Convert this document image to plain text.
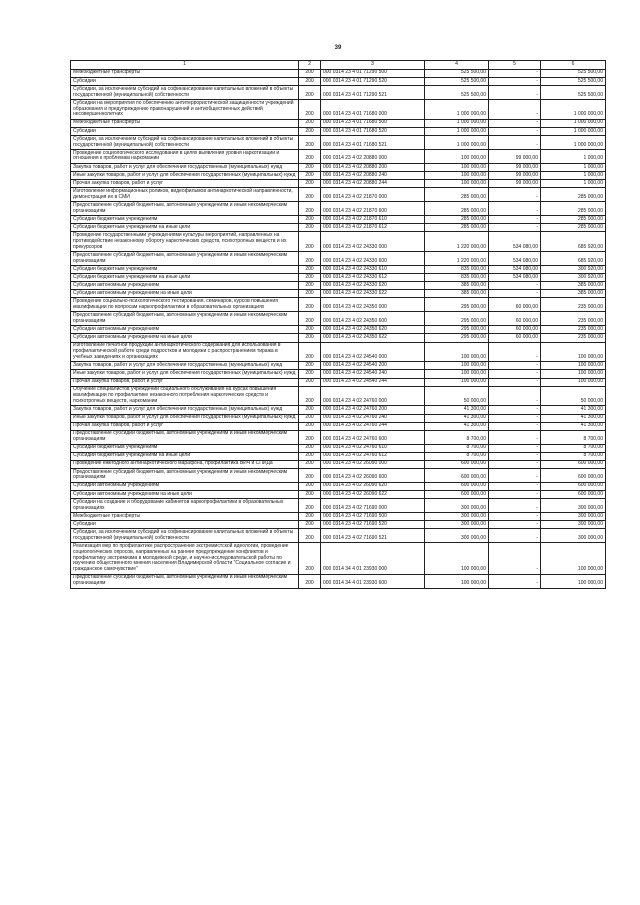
39
1	2	3	4	5	6
Межбюджетные трансферты	200	000 0314 23 4 01 71290 500	525 500,00	-	525 500,00
Субсидии	200	000 0314 23 4 01 71290 520	525 500,00	-	525 500,00
Субсидии, за исключением субсидий на софинансирование капитальных вложений в объекты государственной (муниципальной) собственности	200	000 0314 23 4 01 71290 521	525 500,00	-	525 500,00
Субсидии на мероприятия по обеспечению антитеррористической защищенности учреждений образования и предупреждению правонарушений и антиобщественных действий несовершеннолетних	200	000 0314 23 4 01 71680 000	1 000 000,00	-	1 000 000,00
Межбюджетные трансферты	200	000 0314 23 4 01 71680 500	1 000 000,00	-	1 000 000,00
Субсидии	200	000 0314 23 4 01 71680 520	1 000 000,00	-	1 000 000,00
Субсидии, за исключением субсидий на софинансирование капитальных вложений в объекты государственной (муниципальной) собственности	200	000 0314 23 4 01 71680 521	1 000 000,00	-	1 000 000,00
Проведение социологического исследования в целях выявления уровня наркотизации и отношения к проблемам наркомании	200	000 0314 23 4 02 20880 000	100 000,00	99 000,00	1 000,00
Закупка товаров, работ и услуг для обеспечения государственных (муниципальных) нужд	200	000 0314 23 4 02 20880 200	100 000,00	99 000,00	1 000,00
Иные закупки товаров, работ и услуг для обеспечения государственных (муниципальных) нужд	200	000 0314 23 4 02 20880 240	100 000,00	99 000,00	1 000,00
Прочая закупка товаров, работ и услуг	200	000 0314 23 4 02 20880 244	100 000,00	99 000,00	1 000,00
Изготовление информационных роликов, видеофильмов антинаркотической направленности, демонстрация их в СМИ	200	000 0314 23 4 02 21870 000	285 000,00	-	285 000,00
Предоставление субсидий бюджетным, автономным учреждениям и иным некоммерческим организациям	200	000 0314 23 4 02 21870 600	285 000,00	-	285 000,00
Субсидии бюджетным учреждениям	200	000 0314 23 4 02 21870 610	285 000,00	-	285 000,00
Субсидии бюджетным учреждениям на иные цели	200	000 0314 23 4 02 21870 612	285 000,00	-	285 000,00
Проведение государственными учреждениями культуры мероприятий, направленных на противодействие незаконному обороту наркотических средств, психотропных веществ и их прекурсоров	200	000 0314 23 4 02 24330 000	1 220 000,00	534 080,00	685 920,00
Предоставление субсидий бюджетным, автономным учреждениям и иным некоммерческим организациям	200	000 0314 23 4 02 24330 600	1 220 000,00	534 080,00	685 920,00
Субсидии бюджетным учреждениям	200	000 0314 23 4 02 24330 610	835 000,00	534 080,00	300 920,00
Субсидии бюджетным учреждениям на иные цели	200	000 0314 23 4 02 24330 612	835 000,00	534 080,00	300 920,00
Субсидии автономным учреждениям	200	000 0314 23 4 02 24330 620	385 000,00	-	385 000,00
Субсидии автономным учреждениям на иные цели	200	000 0314 23 4 02 24330 622	385 000,00	-	385 000,00
Проведение социально-психологического тестирования, семинаров, курсов повышения квалификации по вопросам наркопрофилактики в образовательных организациях	200	000 0314 23 4 02 24350 000	295 000,00	60 000,00	235 000,00
Предоставление субсидий бюджетным, автономным учреждениям и иным некоммерческим организациям	200	000 0314 23 4 02 24350 600	295 000,00	60 000,00	235 000,00
Субсидии автономным учреждениям	200	000 0314 23 4 02 24350 620	295 000,00	60 000,00	235 000,00
Субсидии автономным учреждениям на иные цели	200	000 0314 23 4 02 24350 622	295 000,00	60 000,00	235 000,00
Изготовление печатной продукции антинаркотического содержания для использования в профилактической работе среди подростков и молодежи с распространением тиража в учебных заведениях и организациях	200	000 0314 23 4 02 24540 000	100 000,00	-	100 000,00
Закупка товаров, работ и услуг для обеспечения государственных (муниципальных) нужд	200	000 0314 23 4 02 24540 200	100 000,00	-	100 000,00
Иные закупки товаров, работ и услуг для обеспечения государственных (муниципальных) нужд	200	000 0314 23 4 02 24540 240	100 000,00	-	100 000,00
Прочая закупка товаров, работ и услуг	200	000 0314 23 4 02 24540 244	100 000,00	-	100 000,00
Обучение специалистов учреждений социального обслуживания на курсах повышения квалификации по профилактике незаконного потребления наркотических средств и психотропных веществ, наркомании	200	000 0314 23 4 02 24760 000	50 000,00	-	50 000,00
Закупка товаров, работ и услуг для обеспечения государственных (муниципальных) нужд	200	000 0314 23 4 02 24760 200	41 300,00	-	41 300,00
Иные закупки товаров, работ и услуг для обеспечения государственных (муниципальных) нужд	200	000 0314 23 4 02 24760 240	41 300,00	-	41 300,00
Прочая закупка товаров, работ и услуг	200	000 0314 23 4 02 24760 244	41 300,00	-	41 300,00
Предоставление субсидий бюджетным, автономным учреждениям и иным некоммерческим организациям	200	000 0314 23 4 02 24760 600	8 700,00	-	8 700,00
Субсидии бюджетным учреждениям	200	000 0314 23 4 02 24760 610	8 700,00	-	8 700,00
Субсидии бюджетным учреждениям на иные цели	200	000 0314 23 4 02 24760 612	8 700,00	-	8 700,00
Проведение ежегодного антинаркотического марафона, профилактика ВИЧ и СПИДа	200	000 0314 23 4 02 26090 000	600 000,00	-	600 000,00
Предоставление субсидий бюджетным, автономным учреждениям и иным некоммерческим организациям	200	000 0314 23 4 02 26090 600	600 000,00	-	600 000,00
Субсидии автономным учреждениям	200	000 0314 23 4 02 26090 620	600 000,00	-	600 000,00
Субсидии автономным учреждениям на иные цели	200	000 0314 23 4 02 26090 622	600 000,00	-	600 000,00
Субсидии на создание и оборудование кабинетов наркопрофилактики в образовательных организациях	200	000 0314 23 4 02 71690 000	300 000,00	-	300 000,00
Межбюджетные трансферты	200	000 0314 23 4 02 71690 500	300 000,00	-	300 000,00
Субсидии	200	000 0314 23 4 02 71690 520	300 000,00	-	300 000,00
Субсидии, за исключением субсидий на софинансирование капитальных вложений в объекты государственной (муниципальной) собственности	200	000 0314 23 4 02 71690 521	300 000,00	-	300 000,00
Реализация мер по профилактике распространения экстремистской идеологии, проведение социологических опросов, направленных на раннее предупреждение конфликтов и профилактику экстремизма в молодежной среде, и научно-исследовательской работы по изучению общественного мнения населения Владимирской области "Социальное согласие и гражданское самочувствие"	200	000 0314 34 4 01 23930 000	100 000,00	-	100 000,00
Предоставление субсидий бюджетным, автономным учреждениям и иным некоммерческим организациям	200	000 0314 34 4 01 23930 600	100 000,00	-	100 000,00
